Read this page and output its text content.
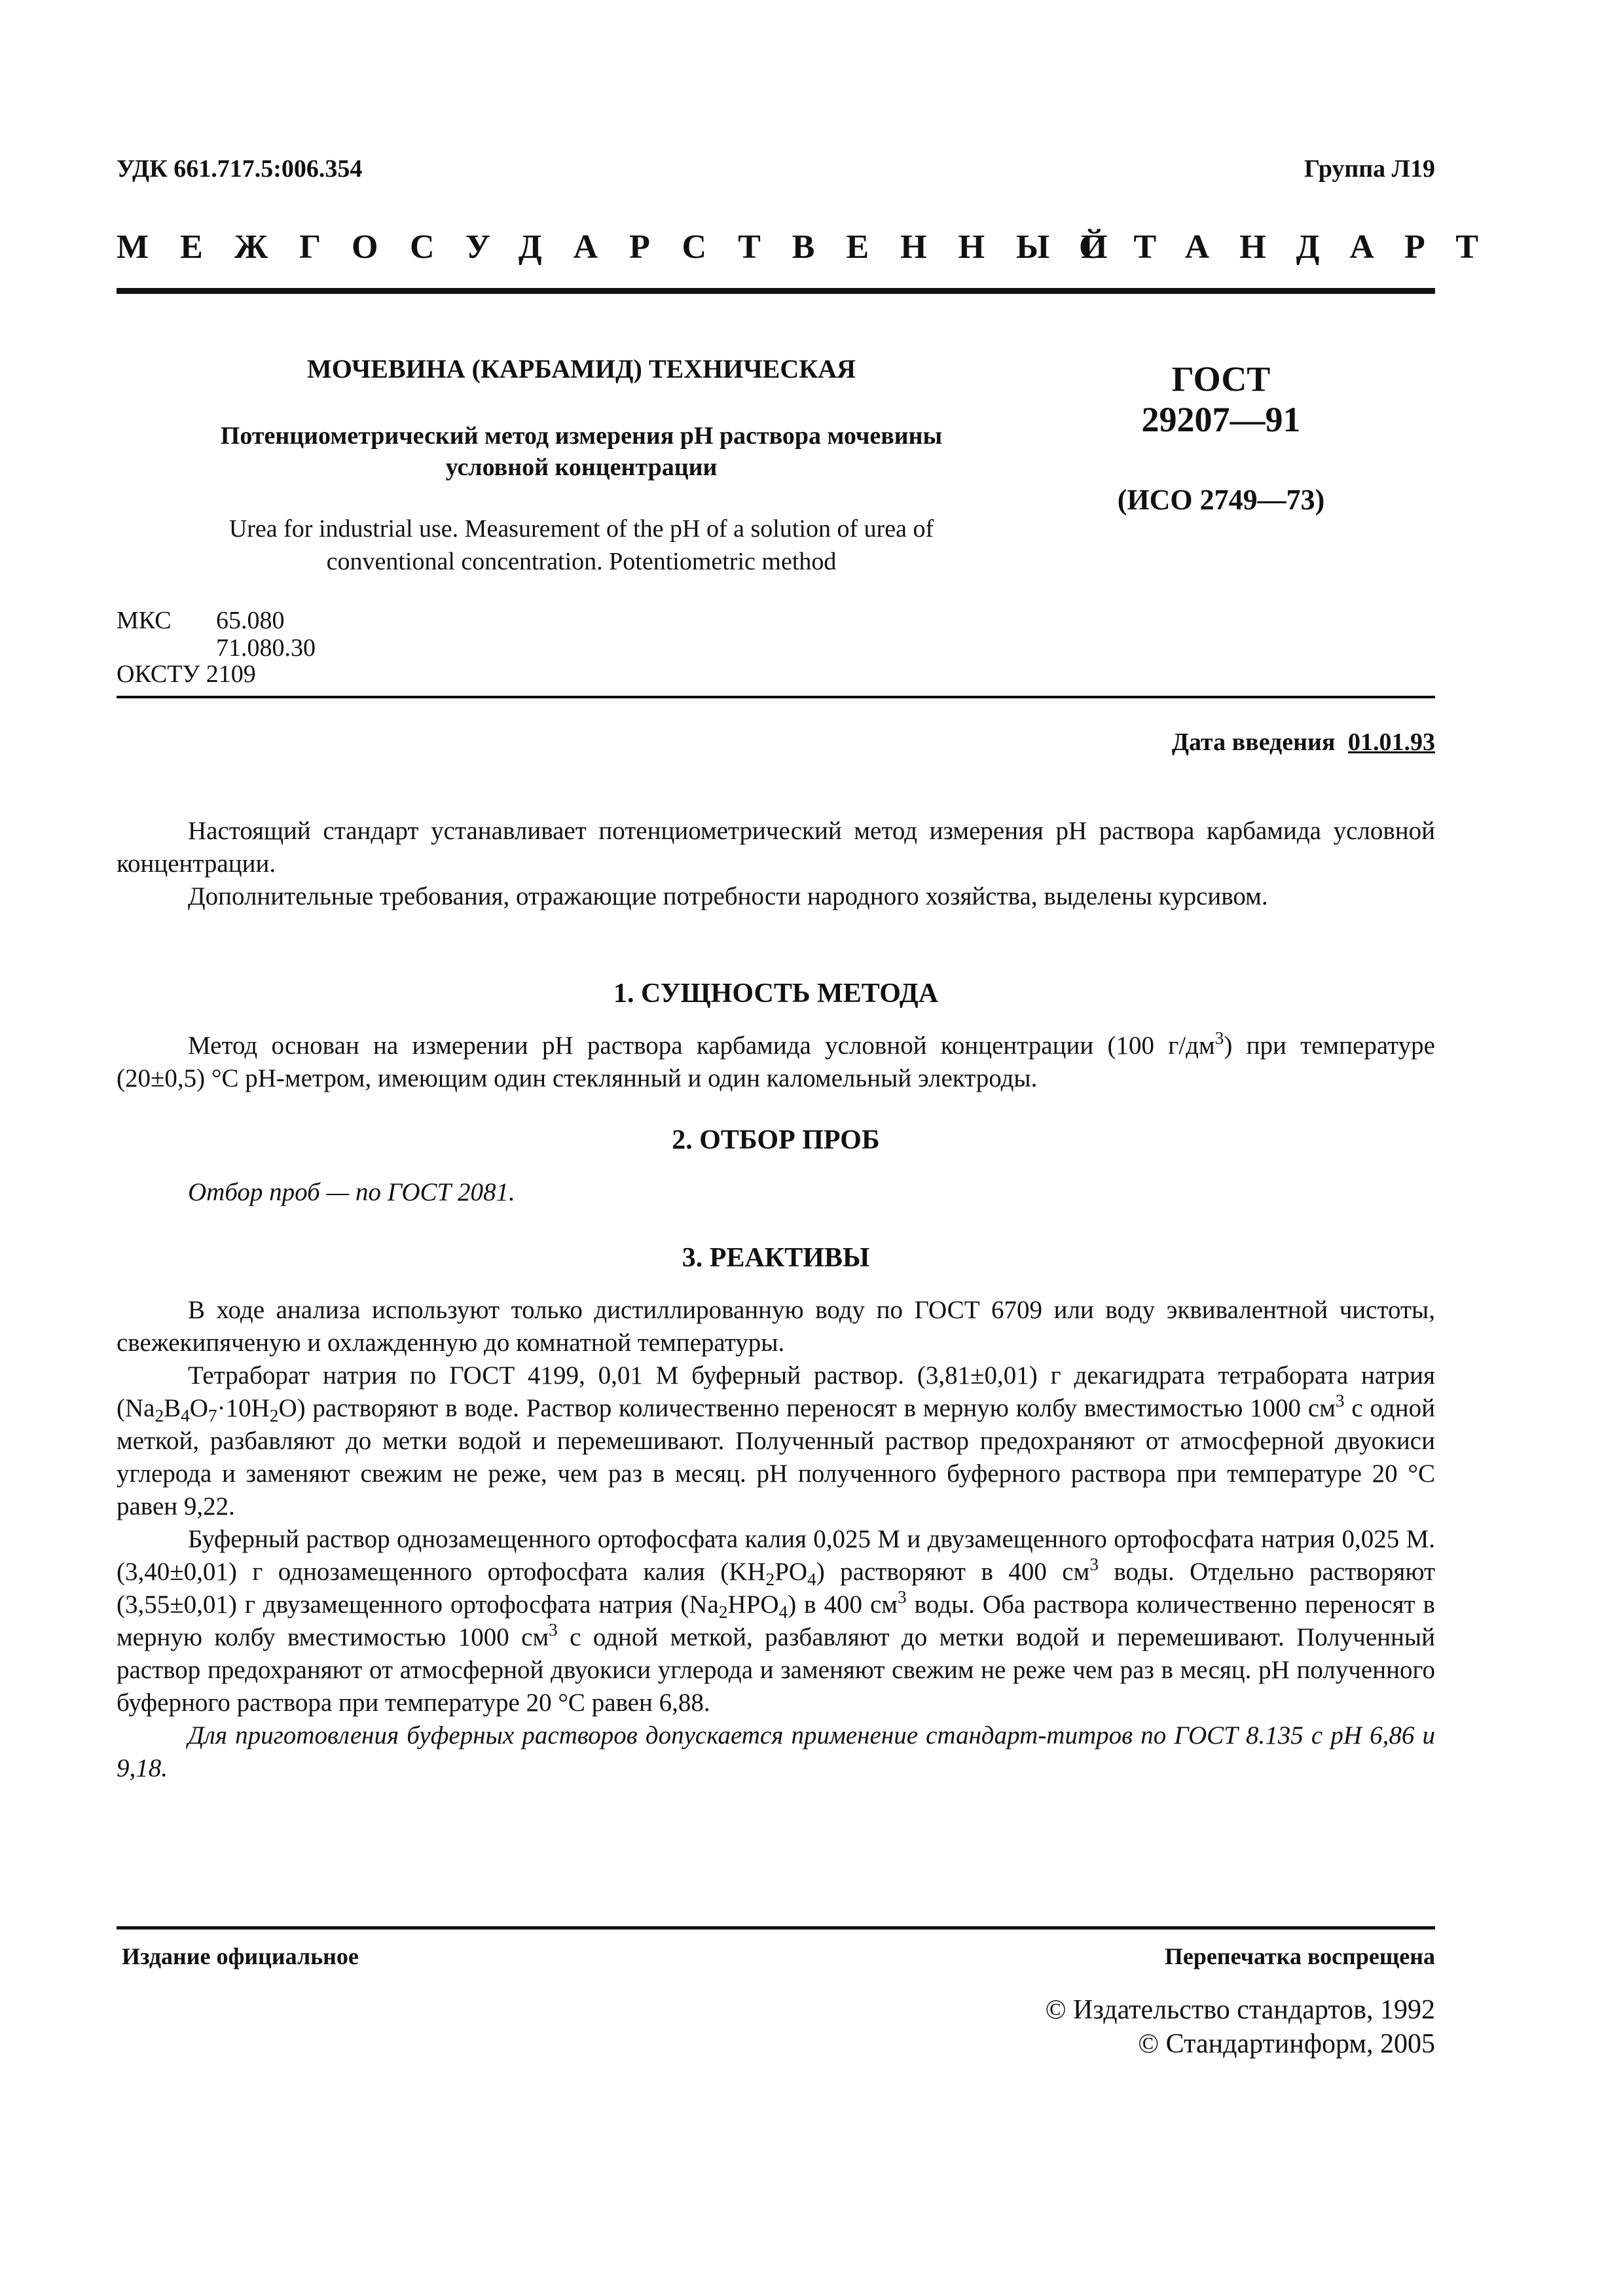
УДК 661.717.5:006.354	Группа Л19
МЕЖГОСУДАРСТВЕННЫЙ
СТАНДАРТ
МОЧЕВИНА (КАРБАМИД) ТЕХНИЧЕСКАЯ
Потенциометрический метод измерения pH раствора мочевины
условной концентрации
Urea for industrial use. Measurement of the pH of a solution of urea of
conventional concentration. Potentiometric method
ГОСТ
29207—91
(ИСО 2749—73)
МКС 65.080
71.080.30
ОКСТУ 2109
Дата введения 01.01.93

Настоящий стандарт устанавливает потенциометрический метод измерения pH раствора карбамида условной концентрации.

Дополнительные требования, отражающие потребности народного хозяйства, выделены курсивом.

1. СУЩНОСТЬ МЕТОДА

Метод основан на измерении pH раствора карбамида условной концентрации (100 $г/дм^3$) при температуре (20±0,5) °С pH-метром, имеющим один стеклянный и один каломельный электроды.

2. ОТБОР ПРОБ

Отбор проб — по ГОСТ 2081.

3. РЕАКТИВЫ

В ходе анализа используют только дистиллированную воду по ГОСТ 6709 или воду эквивалентной чистоты, свежекипяченую и охлажденную до комнатной температуры.

Тетраборат натрия по ГОСТ 4199, 0,01 М буферный раствор. (3,81±0,01) г декагидрата тетрабората натрия $(Na_2B_4O_7\cdot 10H_2O)$ растворяют в воде. Раствор количественно переносят в мерную колбу вместимостью 1000 $см^3$ с одной меткой, разбавляют до метки водой и перемешивают. Полученный раствор предохраняют от атмосферной двуокиси углерода и заменяют свежим не реже, чем раз в месяц. pH полученного буферного раствора при температуре 20 °С равен 9,22.

Буферный раствор однозамещенного ортофосфата калия 0,025 М и двузамещенного ортофосфата натрия 0,025 М. (3,40±0,01) г однозамещенного ортофосфата калия $(KH_2PO_4)$ растворяют в 400 $см^3$ воды. Отдельно растворяют (3,55±0,01) г двузамещенного ортофосфата натрия $(Na_2HPO_4)$ в 400 $см^3$ воды. Оба раствора количественно переносят в мерную колбу вместимостью 1000 $см^3$ с одной меткой, разбавляют до метки водой и перемешивают. Полученный раствор предохраняют от атмосферной двуокиси углерода и заменяют свежим не реже чем раз в месяц. pH полученного буферного раствора при температуре 20 °С равен 6,88.

Для приготовления буферных растворов допускается применение стандарт-титров по ГОСТ 8.135 с pH 6,86 и 9,18.

Издание официальное	Перепечатка воспрещена
© Издательство стандартов, 1992
© Стандартинформ, 2005
